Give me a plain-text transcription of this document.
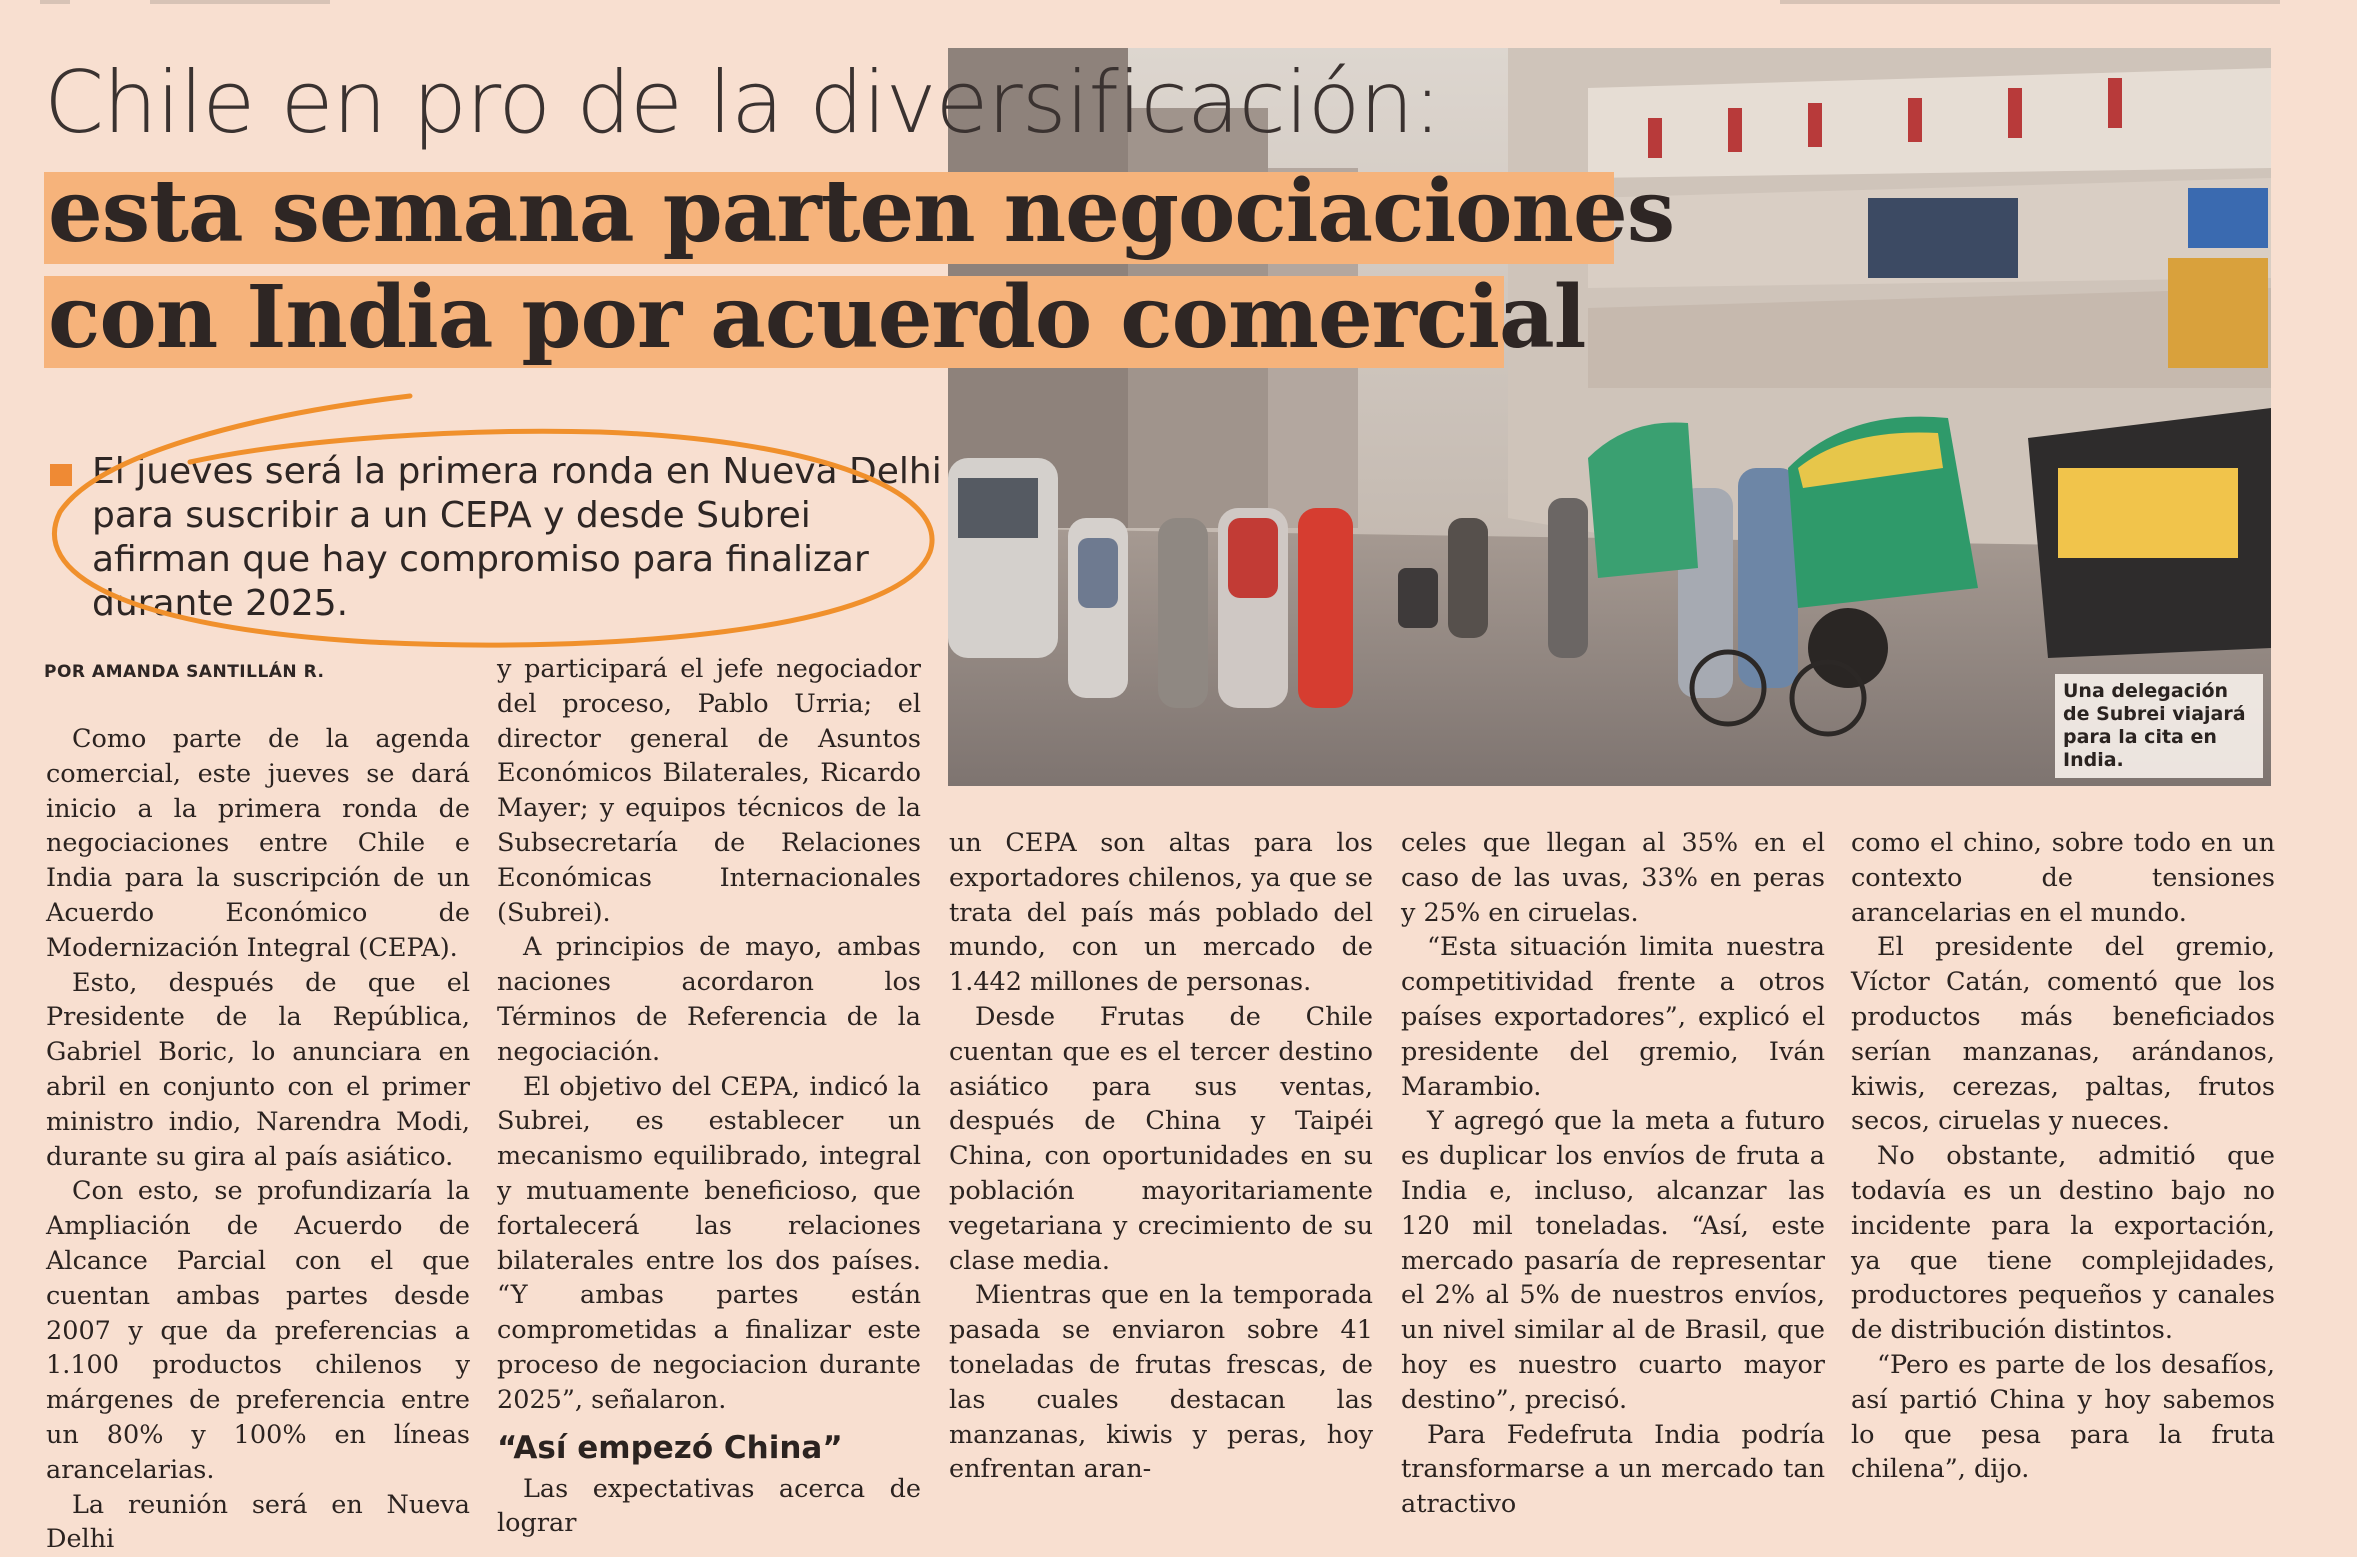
Una delegación de Subrei viajará para la cita en India.
Chile en pro de la diversificación:
esta semana parten negociaciones
con India por acuerdo comercial
El jueves será la primera ronda en Nueva Delhi para suscribir a un CEPA y desde Subrei afirman que hay compromiso para finalizar durante 2025.
POR AMANDA SANTILLÁN R.

Como parte de la agenda comercial, este jueves se dará inicio a la primera ronda de negociaciones entre Chile e India para la suscripción de un Acuerdo Económico de Modernización Integral (CEPA).

Esto, después de que el Presidente de la República, Gabriel Boric, lo anunciara en abril en conjunto con el primer ministro indio, Narendra Modi, durante su gira al país asiático.

Con esto, se profundizaría la Ampliación de Acuerdo de Alcance Parcial con el que cuentan ambas partes desde 2007 y que da preferencias a 1.100 productos chilenos y márgenes de preferencia entre un 80% y 100% en líneas arancelarias.

La reunión será en Nueva Delhi

y participará el jefe negociador del proceso, Pablo Urria; el director general de Asuntos Económicos Bilaterales, Ricardo Mayer; y equipos técnicos de la Subsecretaría de Relaciones Económicas Internacionales (Subrei).

A principios de mayo, ambas naciones acordaron los Términos de Referencia de la negociación.

El objetivo del CEPA, indicó la Subrei, es establecer un mecanismo equilibrado, integral y mutuamente beneficioso, que fortalecerá las relaciones bilaterales entre los dos países. “Y ambas partes están comprometidas a finalizar este proceso de negociacion durante 2025”, señalaron.

“Así empezó China”

Las expectativas acerca de lograr

un CEPA son altas para los exportadores chilenos, ya que se trata del país más poblado del mundo, con un mercado de 1.442 millones de personas.

Desde Frutas de Chile cuentan que es el tercer destino asiático para sus ventas, después de China y Taipéi China, con oportunidades en su población mayoritariamente vegetariana y crecimiento de su clase media.

Mientras que en la temporada pasada se enviaron sobre 41 toneladas de frutas frescas, de las cuales destacan las manzanas, kiwis y peras, hoy enfrentan aran-

celes que llegan al 35% en el caso de las uvas, 33% en peras y 25% en ciruelas.

“Esta situación limita nuestra competitividad frente a otros países exportadores”, explicó el presidente del gremio, Iván Marambio.

Y agregó que la meta a futuro es duplicar los envíos de fruta a India e, incluso, alcanzar las 120 mil toneladas. “Así, este mercado pasaría de representar el 2% al 5% de nuestros envíos, un nivel similar al de Brasil, que hoy es nuestro cuarto mayor destino”, precisó.

Para Fedefruta India podría transformarse a un mercado tan atractivo

como el chino, sobre todo en un contexto de tensiones arancelarias en el mundo.

El presidente del gremio, Víctor Catán, comentó que los productos más beneficiados serían manzanas, arándanos, kiwis, cerezas, paltas, frutos secos, ciruelas y nueces.

No obstante, admitió que todavía es un destino bajo no incidente para la exportación, ya que tiene complejidades, productores pequeños y canales de distribución distintos.

“Pero es parte de los desafíos, así partió China y hoy sabemos lo que pesa para la fruta chilena”, dijo.
